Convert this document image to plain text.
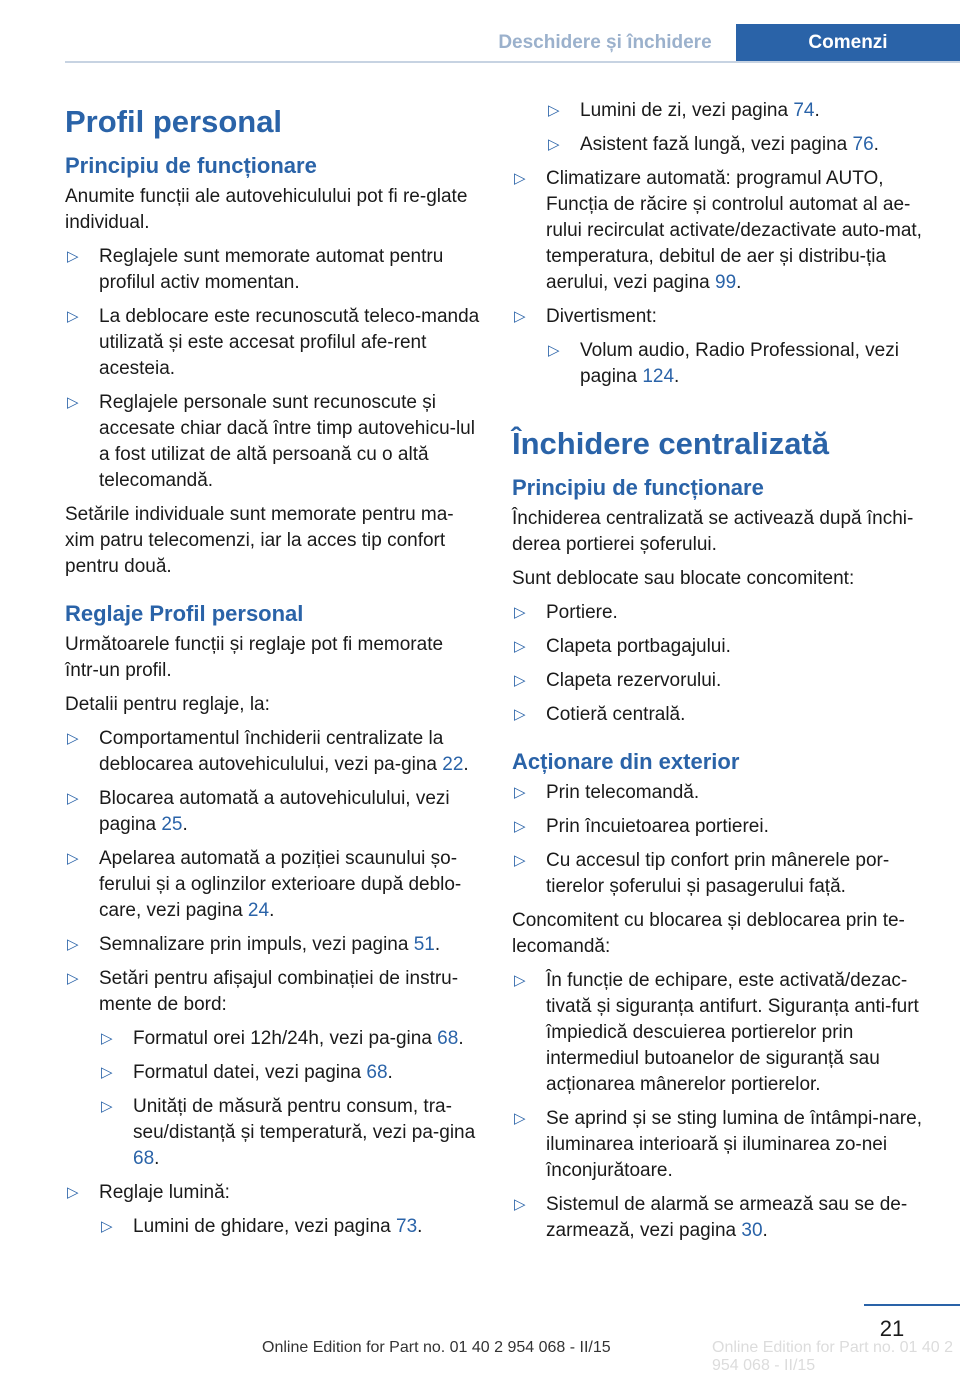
Deschidere și închidere	Comenzi
Profil personal
Principiu de funcționare
Anumite funcții ale autovehiculului pot fi re-glate individual.
▷	Reglajele sunt memorate automat pentru profilul activ momentan.
▷	La deblocare este recunoscută teleco-manda utilizată și este accesat profilul afe-rent acesteia.
▷	Reglajele personale sunt recunoscute și accesate chiar dacă între timp autovehicu-lul a fost utilizat de altă persoană cu o altă telecomandă.
Setările individuale sunt memorate pentru ma-xim patru telecomenzi, iar la acces tip confort pentru două.
Reglaje Profil personal
Următoarele funcții și reglaje pot fi memorate într-un profil.
Detalii pentru reglaje, la:
▷	Comportamentul închiderii centralizate la deblocarea autovehiculului, vezi pa-gina 22.
▷	Blocarea automată a autovehiculului, vezi pagina 25.
▷	Apelarea automată a poziției scaunului șo-ferului și a oglinzilor exterioare după deblo-care, vezi pagina 24.
▷	Semnalizare prin impuls, vezi pagina 51.
▷	Setări pentru afișajul combinației de instru-mente de bord:
▷	Formatul orei 12h/24h, vezi pa-gina 68.
▷	Formatul datei, vezi pagina 68.
▷	Unități de măsură pentru consum, tra-seu/distanță și temperatură, vezi pa-gina 68.
▷	Reglaje lumină:
▷	Lumini de ghidare, vezi pagina 73.
▷	Lumini de zi, vezi pagina 74.
▷	Asistent fază lungă, vezi pagina 76.
▷	Climatizare automată: programul AUTO, Funcția de răcire și controlul automat al ae-rului recirculat activate/dezactivate auto-mat, temperatura, debitul de aer și distribu-ția aerului, vezi pagina 99.
▷	Divertisment:
▷	Volum audio, Radio Professional, vezi pagina 124.
Închidere centralizată
Principiu de funcționare
Închiderea centralizată se activează după închi-derea portierei șoferului.
Sunt deblocate sau blocate concomitent:
▷	Portiere.
▷	Clapeta portbagajului.
▷	Clapeta rezervorului.
▷	Cotieră centrală.
Acționare din exterior
▷	Prin telecomandă.
▷	Prin încuietoarea portierei.
▷	Cu accesul tip confort prin mânerele por-tierelor șoferului și pasagerului față.
Concomitent cu blocarea și deblocarea prin te-lecomandă:
▷	În funcție de echipare, este activată/dezac-tivată și siguranța antifurt. Siguranța anti-furt împiedică descuierea portierelor prin intermediul butoanelor de siguranță sau acționarea mânerelor portierelor.
▷	Se aprind și se sting lumina de întâmpi-nare, iluminarea interioară și iluminarea zo-nei înconjurătoare.
▷	Sistemul de alarmă se armează sau se de-zarmează, vezi pagina 30.
21
Online Edition for Part no. 01 40 2 954 068 - II/15	Online Edition for Part no. 01 40 2 954 068 - II/15
